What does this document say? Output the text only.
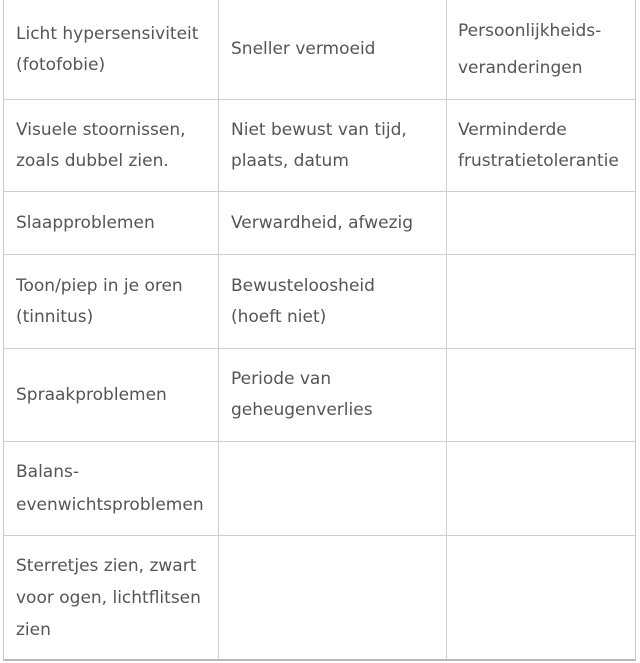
Licht hypersensiviteit
(fotofobie)
Sneller vermoeid
Persoonlijkheids-
veranderingen
Visuele stoornissen,
zoals dubbel zien.
Niet bewust van tijd,
plaats, datum
Verminderde
frustratietolerantie
Slaapproblemen	Verwardheid, afwezig
Toon/piep in je oren
(tinnitus)
Bewusteloosheid
(hoeft niet)
Spraakproblemen
Periode van
geheugenverlies
Balans-
evenwichtsproblemen
Sterretjes zien, zwart
voor ogen, lichtflitsen
zien
